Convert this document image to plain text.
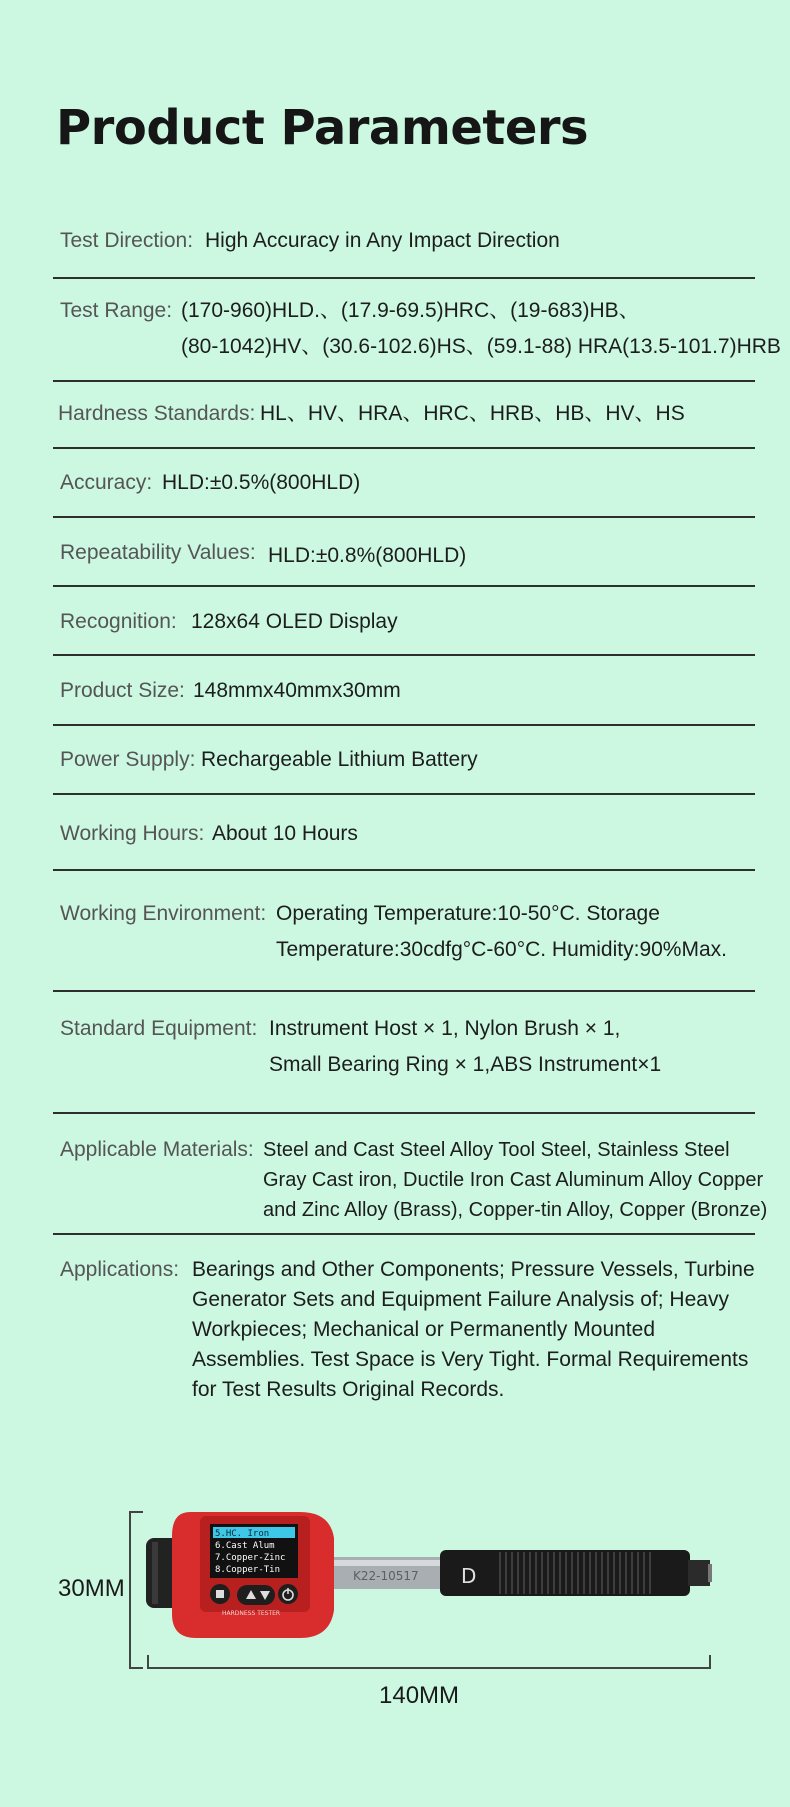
Product Parameters
Test Direction: High Accuracy in Any Impact Direction
Test Range: (170-960)HLD.、(17.9-69.5)HRC、(19-683)HB、
(80-1042)HV、(30.6-102.6)HS、(59.1-88) HRA(13.5-101.7)HRB
Hardness Standards: HL、HV、HRA、HRC、HRB、HB、HV、HS
Accuracy: HLD:±0.5%(800HLD)
Repeatability Values: HLD:±0.8%(800HLD)
Recognition: 128x64 OLED Display
Product Size: 148mmx40mmx30mm
Power Supply: Rechargeable Lithium Battery
Working Hours: About 10 Hours
Working Environment: Operating Temperature:10-50°C. Storage
Temperature:30cdfg°C-60°C. Humidity:90%Max.
Standard Equipment: Instrument Host × 1, Nylon Brush × 1,
Small Bearing Ring × 1,ABS Instrument×1
Applicable Materials: Steel and Cast Steel Alloy Tool Steel, Stainless Steel
Gray Cast iron, Ductile Iron Cast Aluminum Alloy Copper
and Zinc Alloy (Brass), Copper-tin Alloy, Copper (Bronze)
Applications: Bearings and Other Components; Pressure Vessels, Turbine
Generator Sets and Equipment Failure Analysis of; Heavy
Workpieces; Mechanical or Permanently Mounted
Assemblies. Test Space is Very Tight. Formal Requirements
for Test Results Original Records.
K22-10517 D
5.HC. Iron
6.Cast Alum
7.Copper-Zinc
8.Copper-Tin
HARDNESS TESTER
30MM
140MM
